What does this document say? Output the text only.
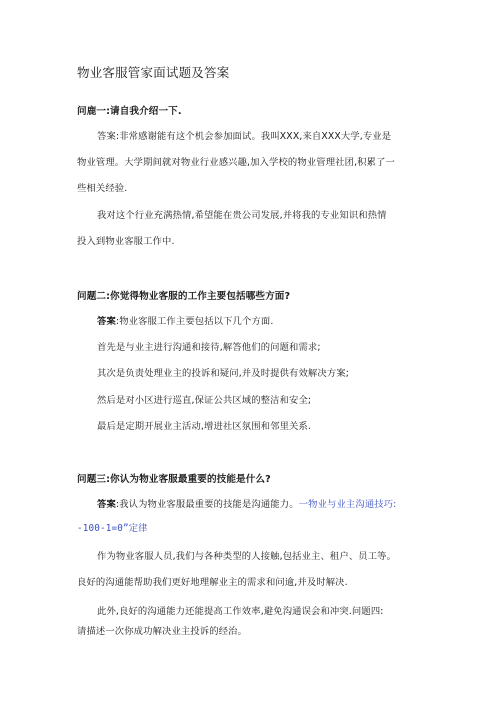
物业客服管家面试题及答案
问鹿一:请自我介绍一下.
答案:非常感谢能有这个机会参加面试。我叫XXX,来自XXX大学,专业是
物业管理。大学期间就对物业行业感兴趣,加入学校的物业管理社团,积累了一
些相关经验.
我对这个行业充满热情,希望能在贵公司发展,并将我的专业知识和热情
投入到物业客服工作中.
问题二:你觉得物业客服的工作主要包括哪些方面?
答案:物业客服工作主要包括以下几个方面.
首先是与业主进行沟通和接待,解答他们的问题和需求;
其次是负责处理业主的投诉和疑问,并及时提供有效解决方案;
然后是对小区进行巡直,保证公共区域的整洁和安全;
最后是定期开展业主活动,增进社区氛围和邻里关系.
问题三:你认为物业客服最重要的技能是什么?
答案:我认为物业客服最重要的技能是沟通能力。一物业与业主沟通技巧:
-100-1=0”定律
作为物业客服人员,我们与各种类型的人接触,包括业主、租户、员工等。
良好的沟通能帮助我们更好地理解业主的需求和问逾,并及时解决.
此外,良好的沟通能力还能提高工作效率,避免沟通误会和冲突.问题四:
请描述一次你成功解决业主投诉的经治。
